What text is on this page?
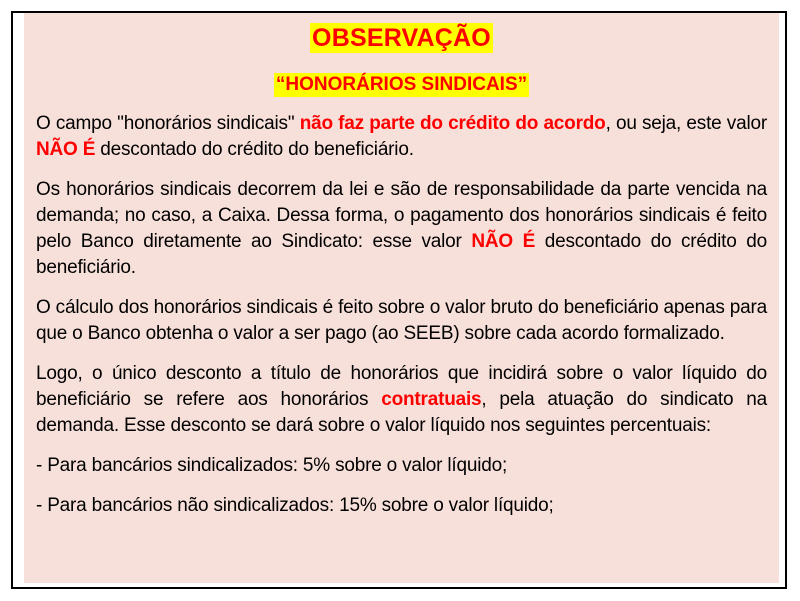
OBSERVAÇÃO
“HONORÁRIOS SINDICAIS”

O campo "honorários sindicais" não faz parte do crédito do acordo, ou seja, este valor NÃO É descontado do crédito do beneficiário.

Os honorários sindicais decorrem da lei e são de responsabilidade da parte vencida na demanda; no caso, a Caixa. Dessa forma, o pagamento dos honorários sindicais é feito pelo Banco diretamente ao Sindicato: esse valor NÃO É descontado do crédito do beneficiário.

O cálculo dos honorários sindicais é feito sobre o valor bruto do beneficiário apenas para que o Banco obtenha o valor a ser pago (ao SEEB) sobre cada acordo formalizado.

Logo, o único desconto a título de honorários que incidirá sobre o valor líquido do beneficiário se refere aos honorários contratuais, pela atuação do sindicato na demanda. Esse desconto se dará sobre o valor líquido nos seguintes percentuais:

- Para bancários sindicalizados: 5% sobre o valor líquido;

- Para bancários não sindicalizados: 15% sobre o valor líquido;
